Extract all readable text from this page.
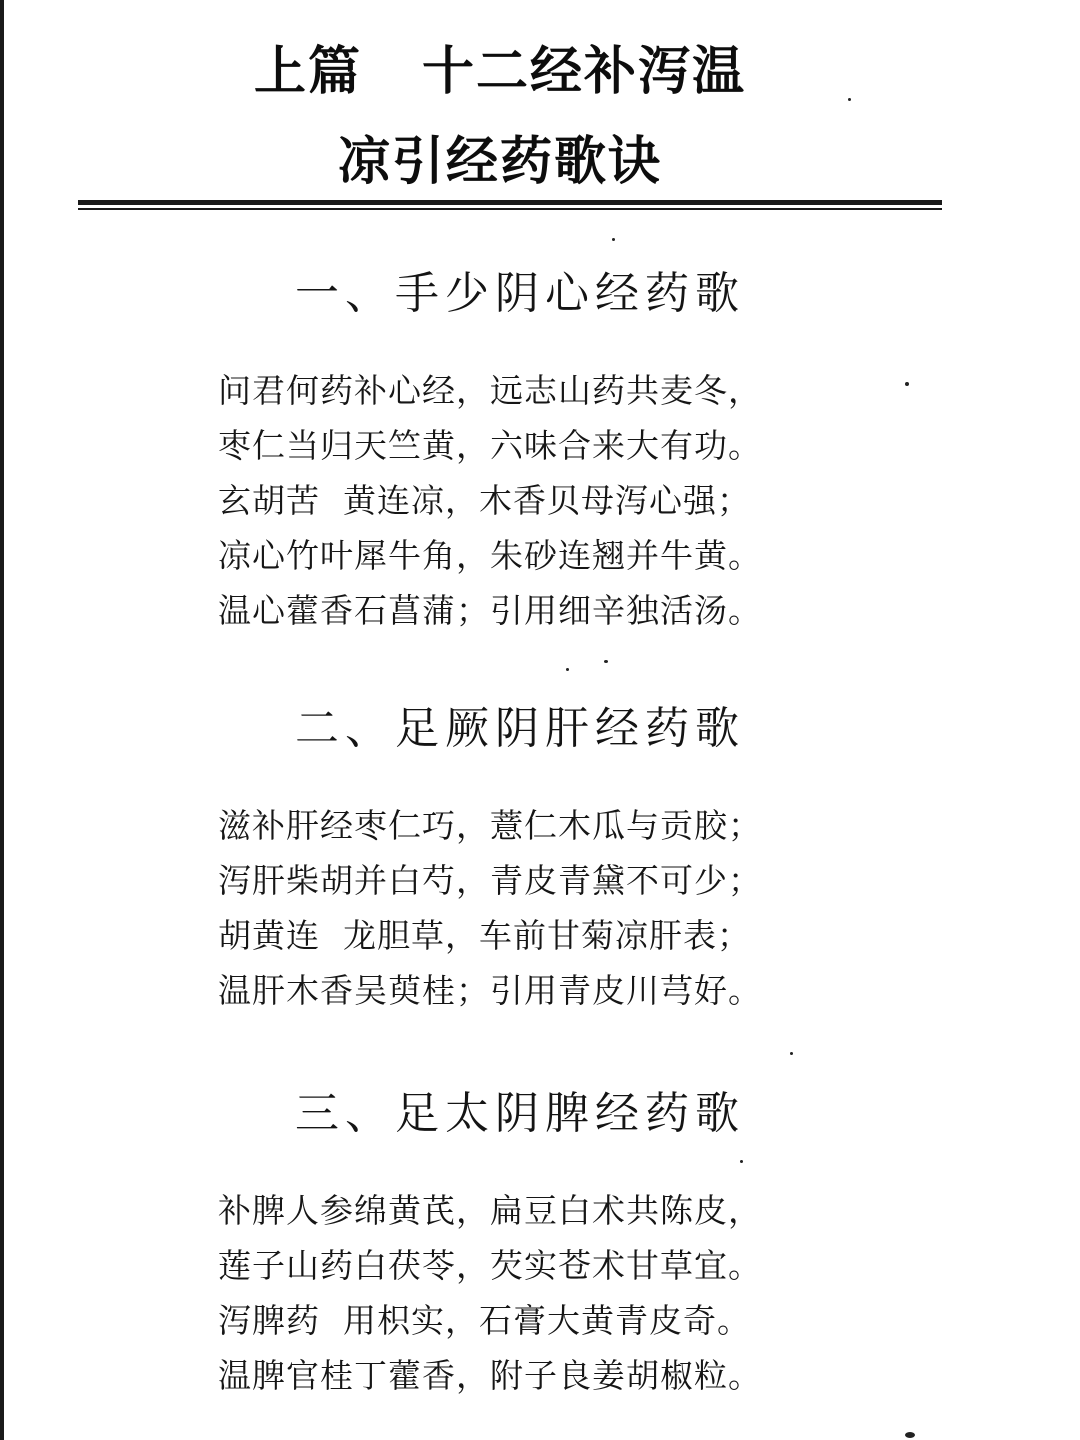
上篇 十二经补泻温
凉引经药歌诀
一、手少阴心经药歌
问君何药补心经，远志山药共麦冬，
枣仁当归天竺黄，六味合来大有功。
玄胡苦  黄连凉，木香贝母泻心强；
凉心竹叶犀牛角，朱砂连翘并牛黄。
温心藿香石菖蒲；引用细辛独活汤。
二、足厥阴肝经药歌
滋补肝经枣仁巧，薏仁木瓜与贡胶；
泻肝柴胡并白芍，青皮青黛不可少；
胡黄连  龙胆草，车前甘菊凉肝表；
温肝木香吴萸桂；引用青皮川芎好。
三、足太阴脾经药歌
补脾人参绵黄芪，扁豆白术共陈皮，
莲子山药白茯苓，芡实苍术甘草宜。
泻脾药  用枳实，石膏大黄青皮奇。
温脾官桂丁藿香，附子良姜胡椒粒。
